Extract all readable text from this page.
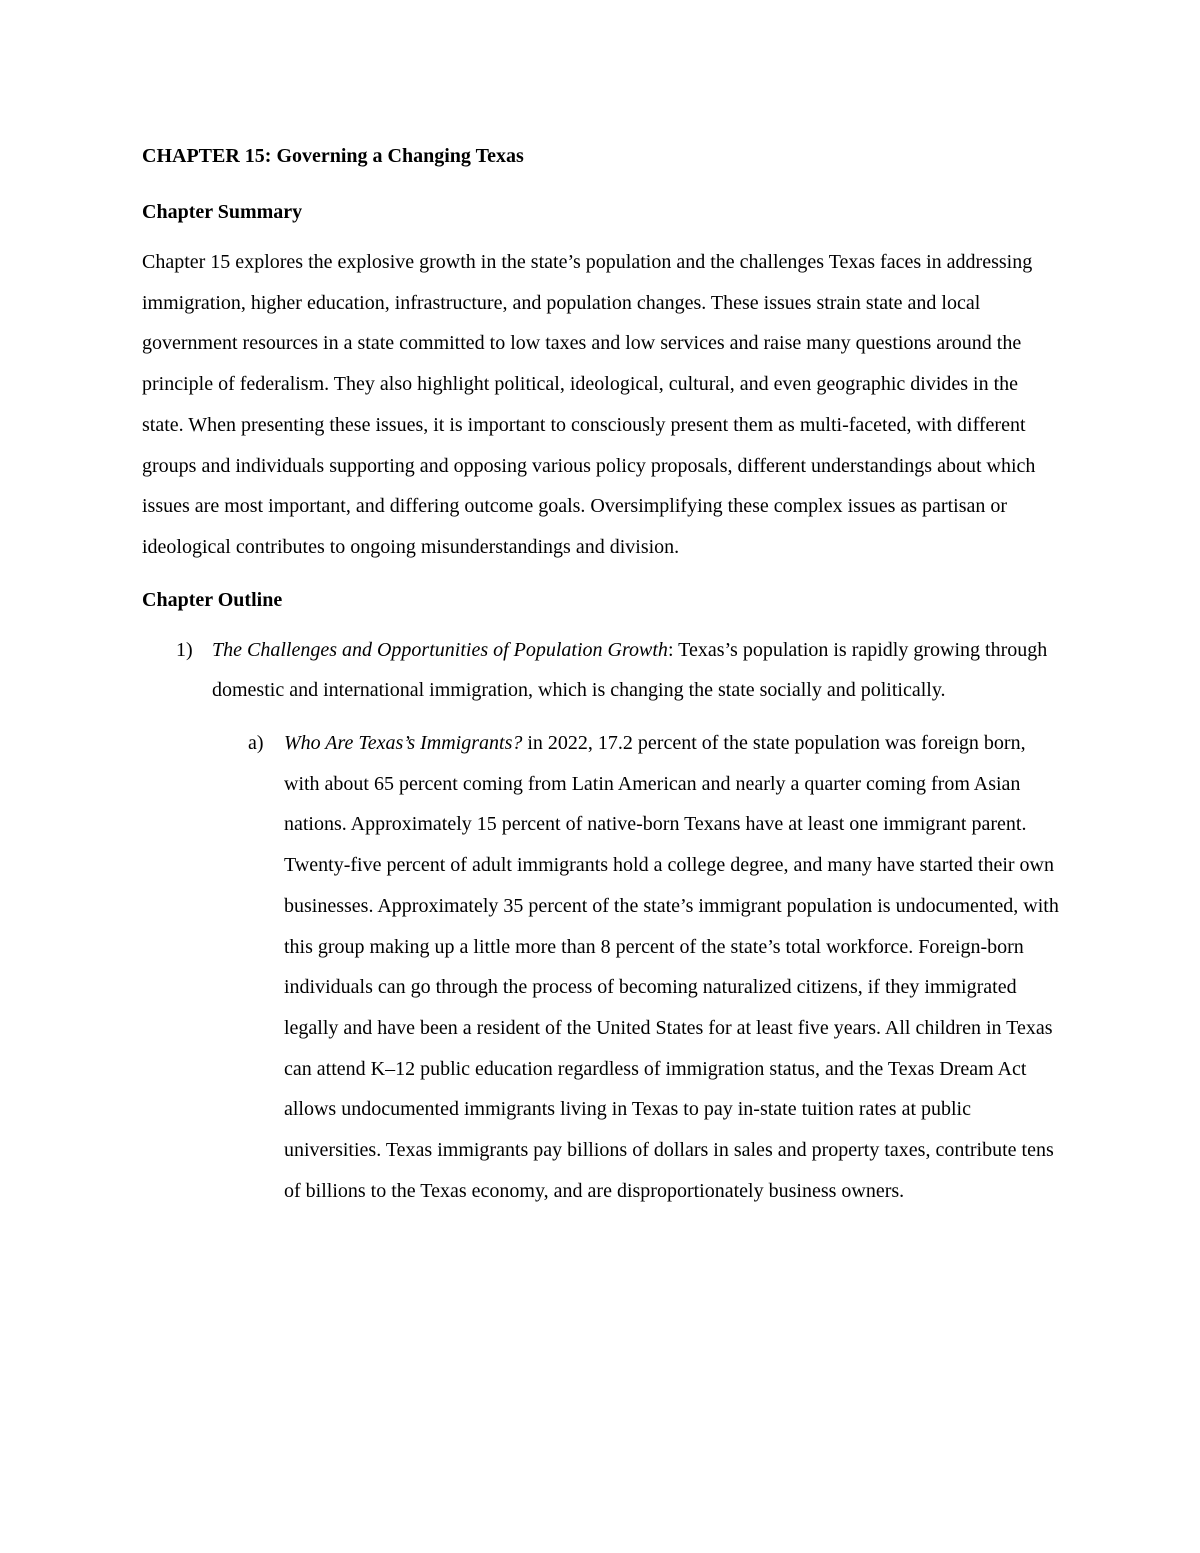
CHAPTER 15: Governing a Changing Texas
Chapter Summary

Chapter 15 explores the explosive growth in the state’s population and the challenges Texas faces in addressing immigration, higher education, infrastructure, and population changes. These issues strain state and local government resources in a state committed to low taxes and low services and raise many questions around the principle of federalism. They also highlight political, ideological, cultural, and even geographic divides in the state. When presenting these issues, it is important to consciously present them as multi-faceted, with different groups and individuals supporting and opposing various policy proposals, different understandings about which issues are most important, and differing outcome goals. Oversimplifying these complex issues as partisan or ideological contributes to ongoing misunderstandings and division.

Chapter Outline
1) The Challenges and Opportunities of Population Growth: Texas’s population is rapidly growing through domestic and international immigration, which is changing the state socially and politically.
a) Who Are Texas’s Immigrants? in 2022, 17.2 percent of the state population was foreign born, with about 65 percent coming from Latin American and nearly a quarter coming from Asian nations. Approximately 15 percent of native-born Texans have at least one immigrant parent. Twenty-five percent of adult immigrants hold a college degree, and many have started their own businesses. Approximately 35 percent of the state’s immigrant population is undocumented, with this group making up a little more than 8 percent of the state’s total workforce. Foreign-born individuals can go through the process of becoming naturalized citizens, if they immigrated legally and have been a resident of the United States for at least five years. All children in Texas can attend K–12 public education regardless of immigration status, and the Texas Dream Act allows undocumented immigrants living in Texas to pay in-state tuition rates at public universities. Texas immigrants pay billions of dollars in sales and property taxes, contribute tens of billions to the Texas economy, and are disproportionately business owners.
